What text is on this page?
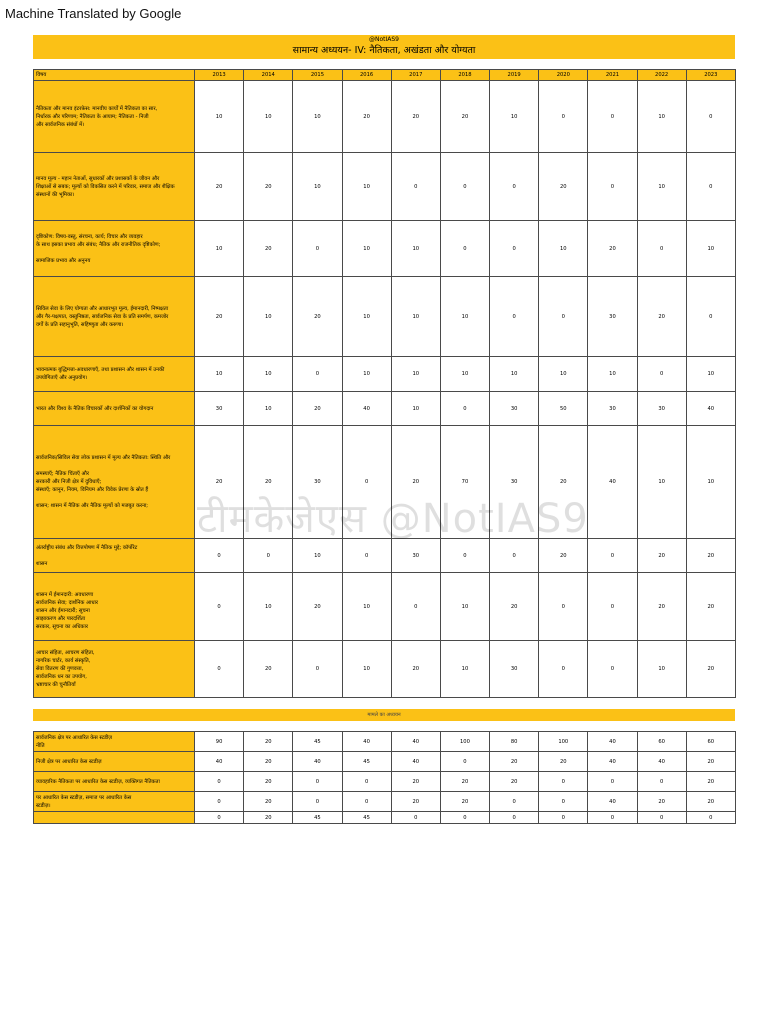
Machine Translated by Google
@NotIAS9
सामान्य अध्ययन- IV: नैतिकता, अखंडता और योग्यता
विषय	2013	2014	2015	2016	2017	2018	2019	2020	2021	2022	2023

नैतिकता और मानव इंटरफ़ेस: मानवीय कार्यों में नैतिकता का सार,
निर्धारक और परिणाम; नैतिकता के आयाम; नैतिकता - निजी
और सार्वजनिक संबंधों में।	10	10	10	20	20	20	10	0	0	10	0

मानव मूल्य - महान नेताओं, सुधारकों और प्रशासकों के जीवन और
शिक्षाओं से सबक; मूल्यों को विकसित करने में परिवार, समाज और शैक्षिक
संस्थानों की भूमिका।	20	20	10	10	0	0	0	20	0	10	0

दृष्टिकोण: विषय-वस्तु, संरचना, कार्य; विचार और व्यवहार
के साथ इसका प्रभाव और संबंध; नैतिक और राजनीतिक दृष्टिकोण;

सामाजिक प्रभाव और अनुनय	10	20	0	10	10	0	0	10	20	0	10

सिविल सेवा के लिए योग्यता और आधारभूत मूल्य, ईमानदारी, निष्पक्षता
और गैर-पक्षपात, वस्तुनिष्ठता, सार्वजनिक सेवा के प्रति समर्पण, कमजोर
वर्गों के प्रति सहानुभूति, सहिष्णुता और करुणा।	20	10	20	10	10	10	0	0	30	20	0

भावनात्मक बुद्धिमत्ता-अवधारणाएँ, तथा प्रशासन और शासन में उनकी
उपयोगिताएँ और अनुप्रयोग।	10	10	0	10	10	10	10	10	10	0	10

भारत और विश्व के नैतिक विचारकों और दार्शनिकों का योगदान	30	10	20	40	10	0	30	50	30	30	40

सार्वजनिक/सिविल सेवा लोक प्रशासन में मूल्य और नैतिकता: स्थिति और

समस्याएँ; नैतिक चिंताएँ और
सरकारी और निजी क्षेत्र में दुविधाएँ;
संस्थाएँ; कानून, नियम, विनियम और विवेक प्रेरणा के स्रोत हैं

शासन; शासन में नैतिक और नैतिक मूल्यों को मजबूत करना;	20	20	30	0	20	70	30	20	40	10	10

अंतर्राष्ट्रीय संबंध और वित्तपोषण में नैतिक मुद्दे; कॉर्पोरेट

शासन	0	0	10	0	30	0	0	20	0	20	20

शासन में ईमानदारी: अवधारणा
सार्वजनिक सेवा; दार्शनिक आधार
शासन और ईमानदारी; सूचना
साझाकरण और पारदर्शिता
सरकार, सूचना का अधिकार	0	10	20	10	0	10	20	0	0	20	20

आचार संहिता, आचरण संहिता,
नागरिक चार्टर, कार्य संस्कृति,
सेवा वितरण की गुणवत्ता,
सार्वजनिक धन का उपयोग,
भ्रष्टाचार की चुनौतियाँ	0	20	0	10	20	10	30	0	0	10	20
मामले का अध्ययन
सार्वजनिक क्षेत्र पर आधारित केस स्टडीज़
नीति	90	20	45	40	40	100	80	100	40	60	60

निजी क्षेत्र पर आधारित केस स्टडीज़	40	20	40	45	40	0	20	20	40	40	20

व्यावहारिक नैतिकता पर आधारित केस स्टडीज़, व्यक्तिगत नैतिकता	0	20	0	0	20	20	20	0	0	0	20

पर आधारित केस स्टडीज़, समाज पर आधारित केस
स्टडीज़।	0	20	0	0	20	20	0	0	40	20	20

	0	20	45	45	0	0	0	0	0	0	0
टीमकेजेएस @NotIAS9
